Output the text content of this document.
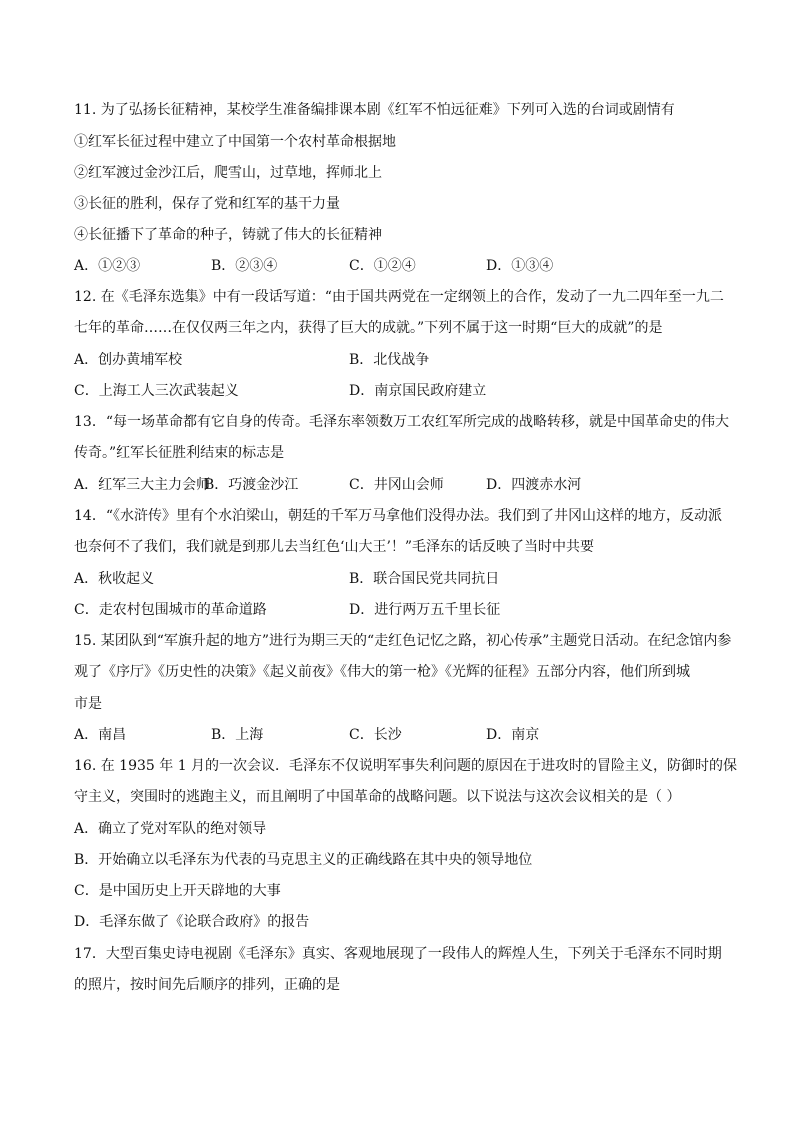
11. 为了弘扬长征精神，某校学生准备编排课本剧《红军不怕远征难》下列可入选的台词或剧情有
①红军长征过程中建立了中国第一个农村革命根据地
②红军渡过金沙江后，爬雪山，过草地，挥师北上
③长征的胜利，保存了党和红军的基干力量
④长征播下了革命的种子，铸就了伟大的长征精神
A．①②③	B．②③④	C．①②④	D．①③④
12. 在《毛泽东选集》中有一段话写道：“由于国共两党在一定纲领上的合作，发动了一九二四年至一九二
七年的革命……在仅仅两三年之内，获得了巨大的成就。”下列不属于这一时期“巨大的成就”的是
A．创办黄埔军校	B．北伐战争
C．上海工人三次武装起义	D．南京国民政府建立
13．“每一场革命都有它自身的传奇。毛泽东率领数万工农红军所完成的战略转移，就是中国革命史的伟大
传奇。”红军长征胜利结束的标志是
A．红军三大主力会师
B．巧渡金沙江	C．井冈山会师	D．四渡赤水河
14．“《水浒传》里有个水泊梁山，朝廷的千军万马拿他们没得办法。我们到了井冈山这样的地方，反动派
也奈何不了我们，我们就是到那儿去当红色‘山大王’！”毛泽东的话反映了当时中共要
A．秋收起义	B．联合国民党共同抗日
C．走农村包围城市的革命道路	D．进行两万五千里长征
15. 某团队到“军旗升起的地方”进行为期三天的“走红色记忆之路，初心传承”主题党日活动。在纪念馆内参
观了《序厅》《历史性的决策》《起义前夜》《伟大的第一枪》《光辉的征程》五部分内容，他们所到城
市是
A．南昌	B．上海	C．长沙	D．南京
16. 在 1935 年 1 月的一次会议．毛泽东不仅说明军事失利问题的原因在于进攻时的冒险主义，防御时的保
守主义，突围时的逃跑主义，而且阐明了中国革命的战略问题。以下说法与这次会议相关的是（ ）
A．确立了党对军队的绝对领导
B．开始确立以毛泽东为代表的马克思主义的正确线路在其中央的领导地位
C．是中国历史上开天辟地的大事
D．毛泽东做了《论联合政府》的报告
17．大型百集史诗电视剧《毛泽东》真实、客观地展现了一段伟人的辉煌人生，下列关于毛泽东不同时期
的照片，按时间先后顺序的排列，正确的是
